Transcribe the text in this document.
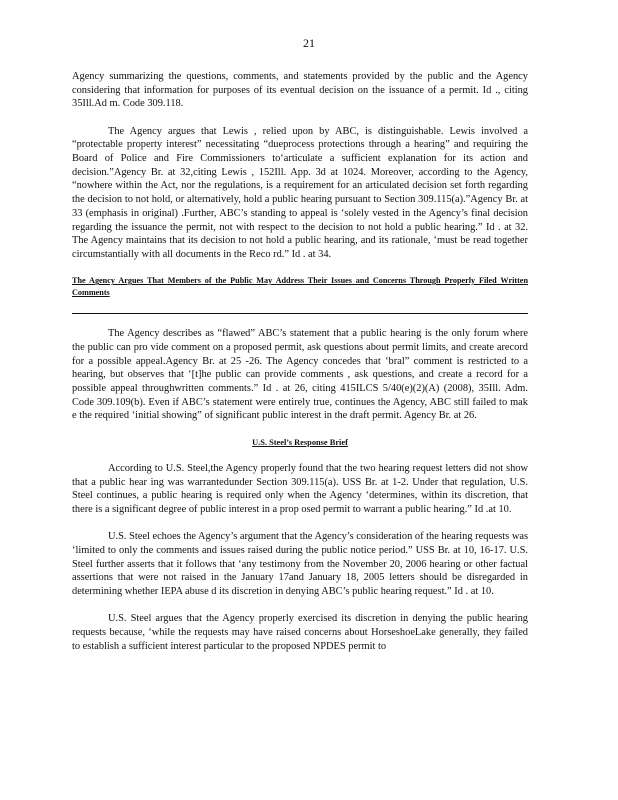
21

Agency summarizing the questions, comments, and statements provided by the public and the Agency considering that information for purposes of its eventual decision on the issuance of a permit. Id ., citing 35Ill.Ad m. Code 309.118.

The Agency argues that Lewis , relied upon by ABC, is distinguishable. Lewis involved a “protectable property interest” necessitating “dueprocess protections through a hearing” and requiring the Board of Police and Fire Commissioners to‘articulate a sufficient explanation for its action and decision.”Agency Br. at 32,citing Lewis , 152Ill. App. 3d at 1024. Moreover, according to the Agency, “nowhere within the Act, nor the regulations, is a requirement for an articulated decision set forth regarding the decision to not hold, or alternatively, hold a public hearing pursuant to Section 309.115(a).”Agency Br. at 33 (emphasis in original) .Further, ABC’s standing to appeal is ‘solely vested in the Agency’s final decision regarding the issuance the permit, not with respect to the decision to not hold a public hearing.” Id . at 32. The Agency maintains that its decision to not hold a public hearing, and its rationale, ‘must be read together circumstantially with all documents in the Reco rd.” Id . at 34.

The Agency Argues That Members of the Public May Address Their Issues and Concerns Through Properly Filed Written Comments

The Agency describes as “flawed” ABC’s statement that a public hearing is the only forum where the public can pro vide comment on a proposed permit, ask questions about permit limits, and create arecord for a possible appeal.Agency Br. at 25 -26. The Agency concedes that ‘bral” comment is restricted to a hearing, but observes that ‘[t]he public can provide comments , ask questions, and create a record for a possible appeal throughwritten comments.” Id . at 26, citing 415ILCS 5/40(e)(2)(A) (2008), 35Ill. Adm. Code 309.109(b). Even if ABC’s statement were entirely true, continues the Agency, ABC still failed to mak e the required ‘initial showing” of significant public interest in the draft permit. Agency Br. at 26.

U.S. Steel’s Response Brief

According to U.S. Steel,the Agency properly found that the two hearing request letters did not show that a public hear ing was warrantedunder Section 309.115(a). USS Br. at 1-2. Under that regulation, U.S. Steel continues, a public hearing is required only when the Agency ‘determines, within its discretion, that there is a significant degree of public interest in a prop osed permit to warrant a public hearing.” Id .at 10.

U.S. Steel echoes the Agency’s argument that the Agency’s consideration of the hearing requests was ‘limited to only the comments and issues raised during the public notice period.” USS Br. at 10, 16-17. U.S. Steel further asserts that it follows that ‘any testimony from the November 20, 2006 hearing or other factual assertions that were not raised in the January 17and January 18, 2005 letters should be disregarded in determining whether IEPA abuse d its discretion in denying ABC’s public hearing request.” Id . at 10.

U.S. Steel argues that the Agency properly exercised its discretion in denying the public hearing requests because, ‘while the requests may have raised concerns about HorseshoeLake generally, they failed to establish a sufficient interest particular to the proposed NPDES permit to
